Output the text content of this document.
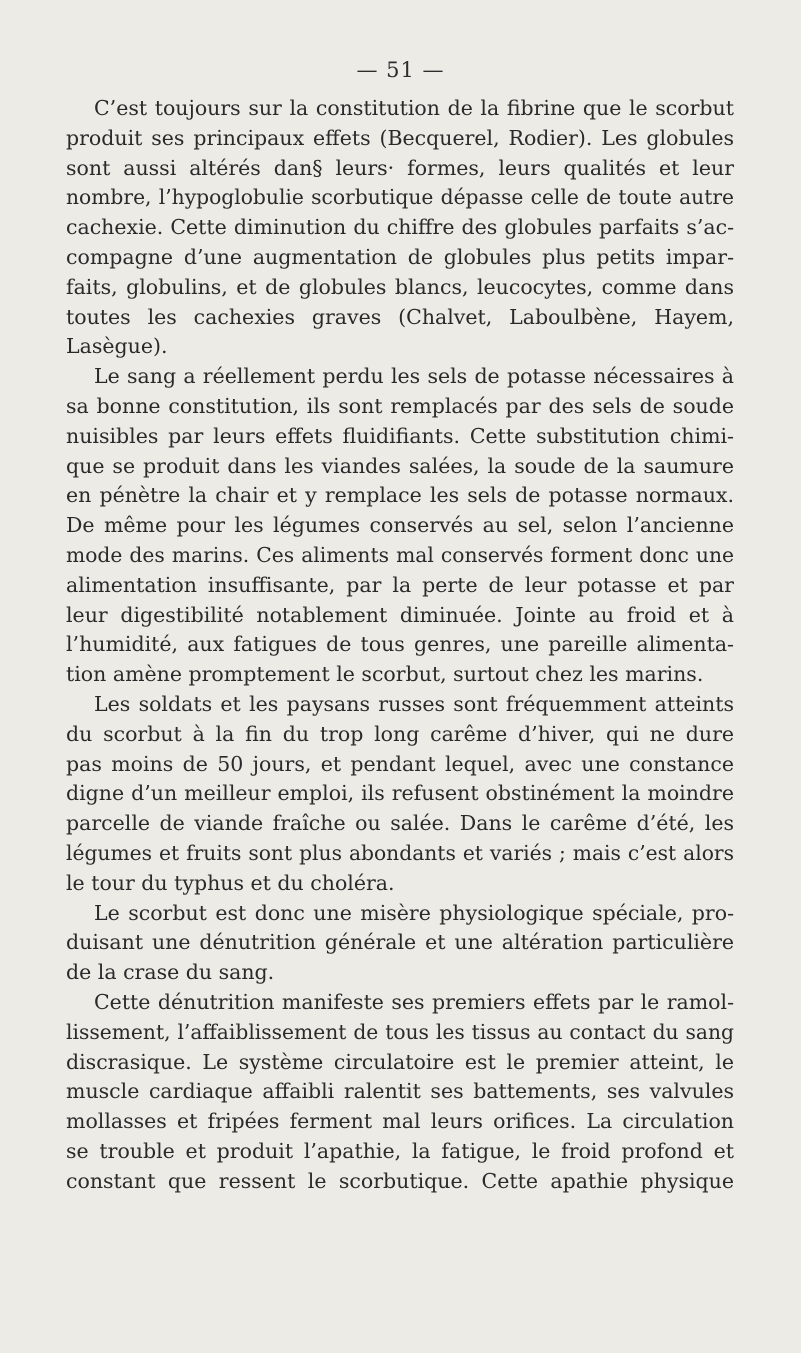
— 51 —
C’est toujours sur la constitution de la fibrine que le scorbut
produit ses principaux effets (Becquerel, Rodier). Les globules
sont aussi altérés dan§ leurs· formes, leurs qualités et leur
nombre, l’hypoglobulie scorbutique dépasse celle de toute autre
cachexie. Cette diminution du chiffre des globules parfaits s’ac-
compagne d’une augmentation de globules plus petits impar-
faits, globulins, et de globules blancs, leucocytes, comme dans
toutes les cachexies graves (Chalvet, Laboulbène, Hayem,
Lasègue).
Le sang a réellement perdu les sels de potasse nécessaires à
sa bonne constitution, ils sont remplacés par des sels de soude
nuisibles par leurs effets fluidifiants. Cette substitution chimi-
que se produit dans les viandes salées, la soude de la saumure
en pénètre la chair et y remplace les sels de potasse normaux.
De même pour les légumes conservés au sel, selon l’ancienne
mode des marins. Ces aliments mal conservés forment donc une
alimentation insuffisante, par la perte de leur potasse et par
leur digestibilité notablement diminuée. Jointe au froid et à
l’humidité, aux fatigues de tous genres, une pareille alimenta-
tion amène promptement le scorbut, surtout chez les marins.
Les soldats et les paysans russes sont fréquemment atteints
du scorbut à la fin du trop long carême d’hiver, qui ne dure
pas moins de 50 jours, et pendant lequel, avec une constance
digne d’un meilleur emploi, ils refusent obstinément la moindre
parcelle de viande fraîche ou salée. Dans le carême d’été, les
légumes et fruits sont plus abondants et variés ; mais c’est alors
le tour du typhus et du choléra.
Le scorbut est donc une misère physiologique spéciale, pro-
duisant une dénutrition générale et une altération particulière
de la crase du sang.
Cette dénutrition manifeste ses premiers effets par le ramol-
lissement, l’affaiblissement de tous les tissus au contact du sang
discrasique. Le système circulatoire est le premier atteint, le
muscle cardiaque affaibli ralentit ses battements, ses valvules
mollasses et fripées ferment mal leurs orifices. La circulation
se trouble et produit l’apathie, la fatigue, le froid profond et
constant que ressent le scorbutique. Cette apathie physique
